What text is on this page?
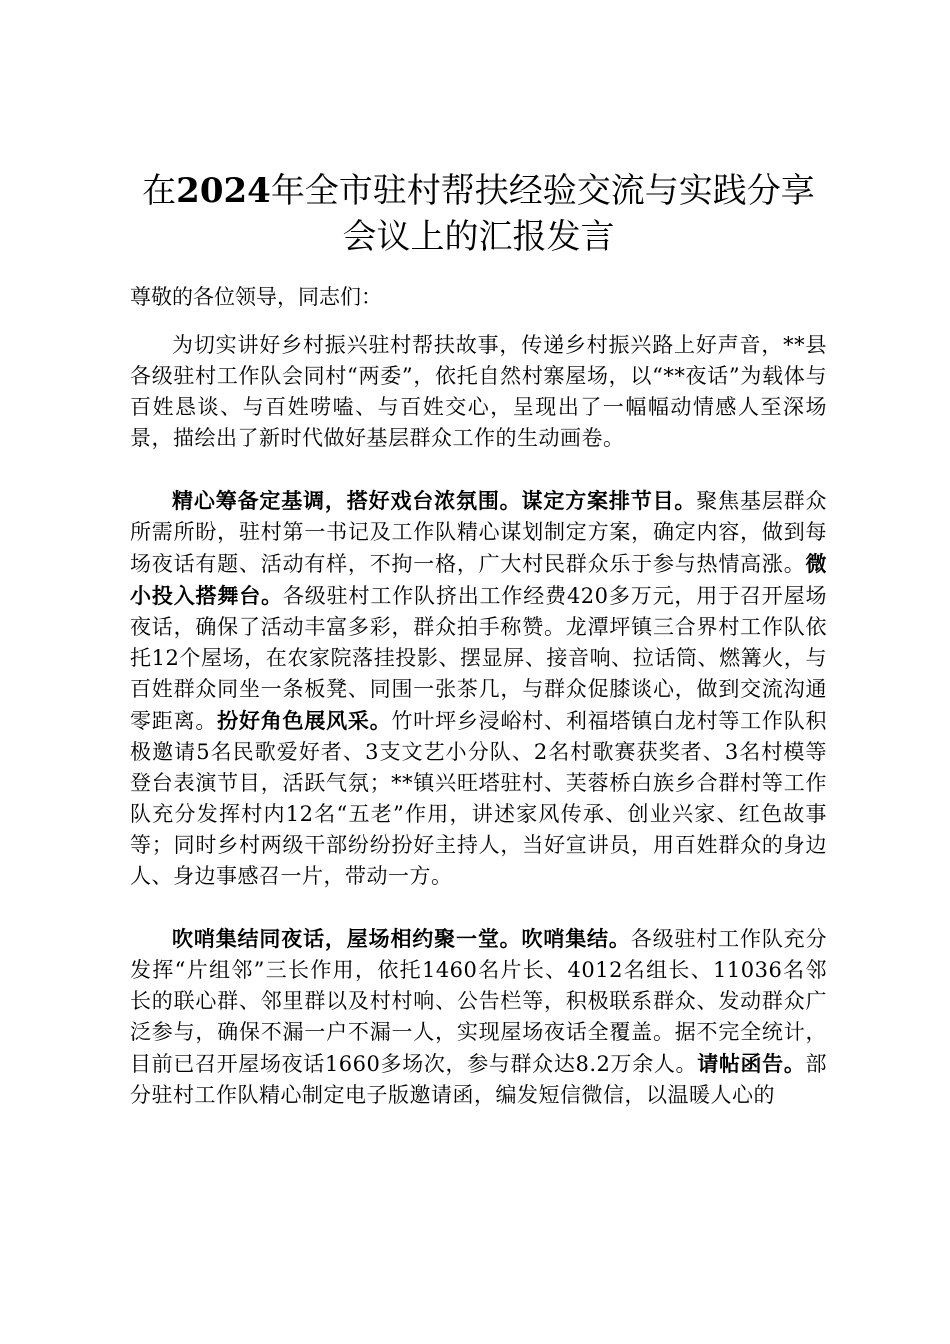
在2024年全市驻村帮扶经验交流与实践分享
会议上的汇报发言

尊敬的各位领导，同志们：

为切实讲好乡村振兴驻村帮扶故事，传递乡村振兴路上好声音，**县各级驻村工作队会同村“两委”，依托自然村寨屋场，以“**夜话”为载体与百姓恳谈、与百姓唠嗑、与百姓交心，呈现出了一幅幅动情感人至深场景，描绘出了新时代做好基层群众工作的生动画卷。

精心筹备定基调，搭好戏台浓氛围。谋定方案排节目。聚焦基层群众所需所盼，驻村第一书记及工作队精心谋划制定方案，确定内容，做到每场夜话有题、活动有样，不拘一格，广大村民群众乐于参与热情高涨。微小投入搭舞台。各级驻村工作队挤出工作经费420多万元，用于召开屋场夜话，确保了活动丰富多彩，群众拍手称赞。龙潭坪镇三合界村工作队依托12个屋场，在农家院落挂投影、摆显屏、接音响、拉话筒、燃篝火，与百姓群众同坐一条板凳、同围一张茶几，与群众促膝谈心，做到交流沟通零距离。扮好角色展风采。竹叶坪乡浸峪村、利福塔镇白龙村等工作队积极邀请5名民歌爱好者、3支文艺小分队、2名村歌赛获奖者、3名村模等登台表演节目，活跃气氛；**镇兴旺塔驻村、芙蓉桥白族乡合群村等工作队充分发挥村内12名“五老”作用，讲述家风传承、创业兴家、红色故事等；同时乡村两级干部纷纷扮好主持人，当好宣讲员，用百姓群众的身边人、身边事感召一片，带动一方。

吹哨集结同夜话，屋场相约聚一堂。吹哨集结。各级驻村工作队充分发挥“片组邻”三长作用，依托1460名片长、4012名组长、11036名邻长的联心群、邻里群以及村村响、公告栏等，积极联系群众、发动群众广泛参与，确保不漏一户不漏一人，实现屋场夜话全覆盖。据不完全统计，目前已召开屋场夜话1660多场次，参与群众达8.2万余人。请帖函告。部分驻村工作队精心制定电子版邀请函，编发短信微信，以温暖人心的
